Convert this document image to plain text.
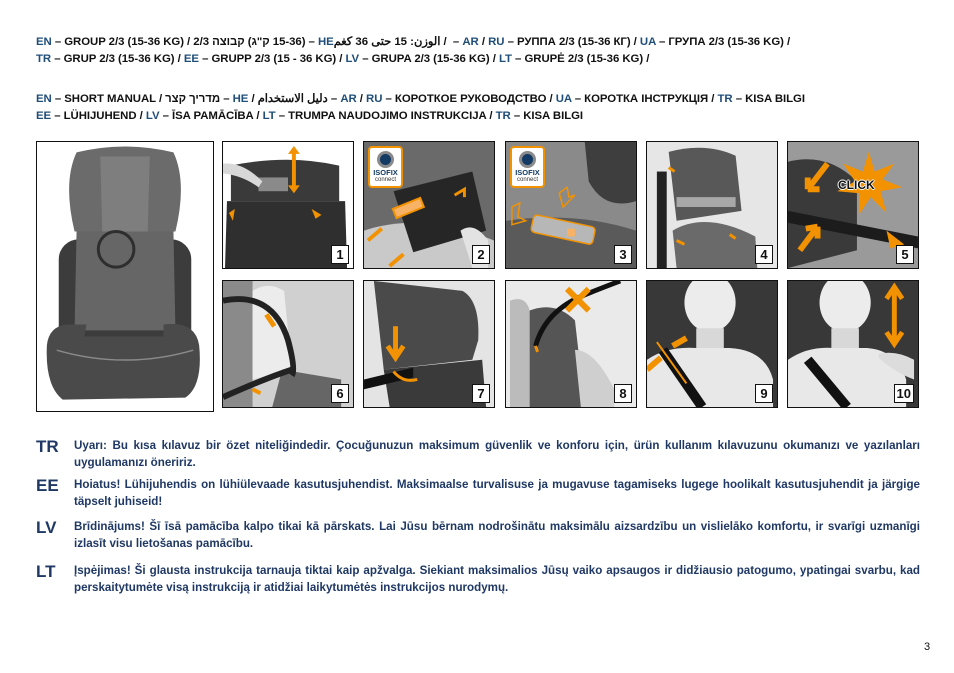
EN – GROUP 2/3 (15-36 KG) / (15-36 ק"ג) קבוצה 2/3 – HE / الوزن: 15 حتى 36 كغم – AR / RU – РУППА 2/3 (15-36 КГ) / UA – ГРУПА 2/3 (15-36 KG) /
TR – GRUP 2/3 (15-36 KG) / EE – GRUPP 2/3 (15 - 36 KG) / LV – GRUPA 2/3 (15-36 KG) / LT – GRUPĖ 2/3 (15-36 KG) /
EN – SHORT MANUAL / מדריך קצר – HE / دليل الاستخدام – AR / RU – КОРОТКОЕ РУКОВОДСТВО / UA – КОРОТКА ІНСТРУКЦІЯ / TR – KISA BILGI
EE – LÜHIJUHEND / LV – ĪSA PAMĀCĪBA / LT – TRUMPA NAUDOJIMO INSTRUKCIJA / TR – KISA BILGI
1
ISOFIX
connect
2
ISOFIX
connect
3	4
CLICK
5
6	7	8	9	10
TR Uyarı: Bu kısa kılavuz bir özet niteliğindedir. Çocuğunuzun maksimum güvenlik ve konforu için, ürün kullanım kılavuzunu okumanızı ve yazılanları uygulamanızı öneririz.
EE Hoiatus! Lühijuhendis on lühiülevaade kasutusjuhendist. Maksimaalse turvalisuse ja mugavuse tagamiseks lugege hoolikalt kasutusjuhendit ja järgige täpselt juhiseid!
LV Brīdinājums! Šī īsā pamācība kalpo tikai kā pārskats. Lai Jūsu bērnam nodrošinātu maksimālu aizsardzību un vislielāko komfortu, ir svarīgi uzmanīgi izlasīt visu lietošanas pamācību.
LT Įspėjimas! Ši glausta instrukcija tarnauja tiktai kaip apžvalga. Siekiant maksimalios Jūsų vaiko apsaugos ir didžiausio patogumo, ypatingai svarbu, kad perskaitytumėte visą instrukciją ir atidžiai laikytumėtės instrukcijos nurodymų.
3
